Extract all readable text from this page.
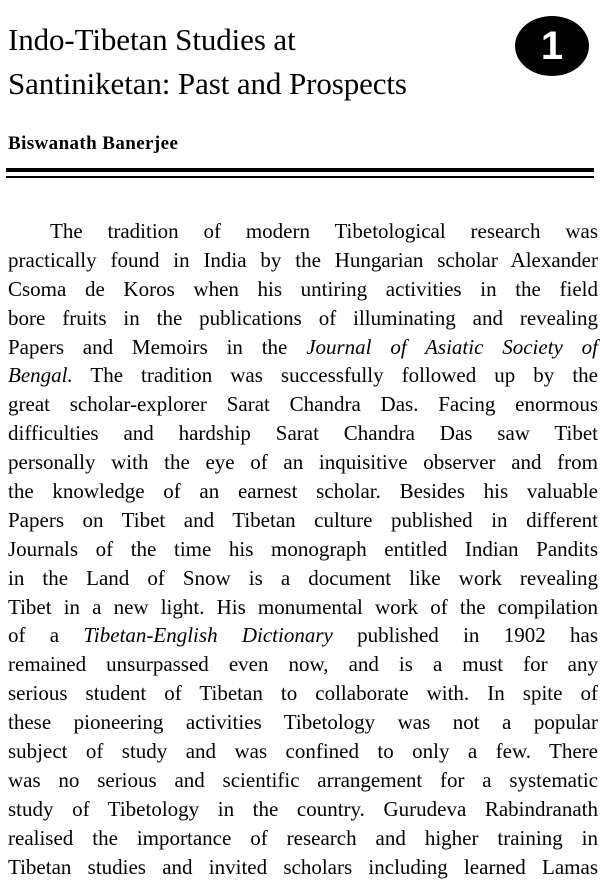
Indo-Tibetan Studies at
Santiniketan: Past and Prospects
1
Biswanath Banerjee
The tradition of modern Tibetological research was
practically found in India by the Hungarian scholar Alexander
Csoma de Koros when his untiring activities in the field
bore fruits in the publications of illuminating and revealing
Papers and Memoirs in the Journal of Asiatic Society of
Bengal. The tradition was successfully followed up by the
great scholar-explorer Sarat Chandra Das. Facing enormous
difficulties and hardship Sarat Chandra Das saw Tibet
personally with the eye of an inquisitive observer and from
the knowledge of an earnest scholar. Besides his valuable
Papers on Tibet and Tibetan culture published in different
Journals of the time his monograph entitled Indian Pandits
in the Land of Snow is a document like work revealing
Tibet in a new light. His monumental work of the compilation
of a Tibetan-English Dictionary published in 1902 has
remained unsurpassed even now, and is a must for any
serious student of Tibetan to collaborate with. In spite of
these pioneering activities Tibetology was not a popular
subject of study and was confined to only a few. There
was no serious and scientific arrangement for a systematic
study of Tibetology in the country. Gurudeva Rabindranath
realised the importance of research and higher training in
Tibetan studies and invited scholars including learned Lamas
